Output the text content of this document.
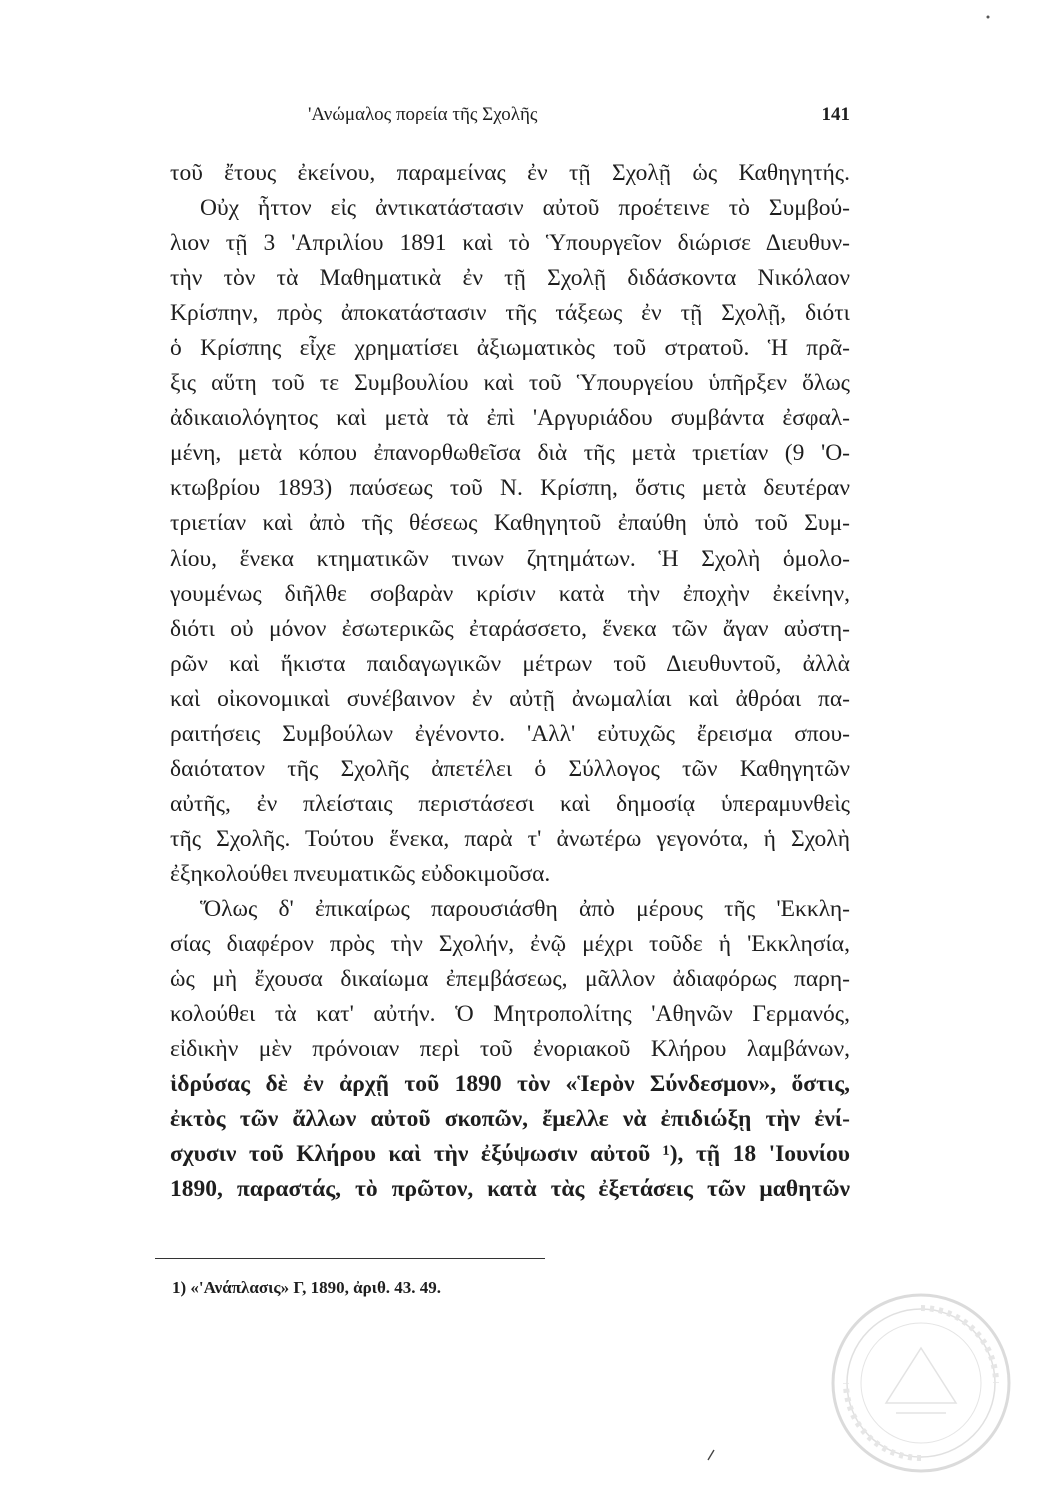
'Ανώμαλος πορεία τῆς Σχολῆς	141
τοῦ ἔτους ἐκείνου, παραμείνας ἐν τῇ Σχολῇ ὡς Καθηγητής.
Οὐχ ἧττον εἰς ἀντικατάστασιν αὐτοῦ προέτεινε τὸ Συμβού-
λιον τῇ 3 'Απριλίου 1891 καὶ τὸ Ὑπουργεῖον διώρισε Διευθυν-
τὴν τὸν τὰ Μαθηματικὰ ἐν τῇ Σχολῇ διδάσκοντα Νικόλαον
Κρίσπην, πρὸς ἀποκατάστασιν τῆς τάξεως ἐν τῇ Σχολῇ, διότι
ὁ Κρίσπης εἶχε χρηματίσει ἀξιωματικὸς τοῦ στρατοῦ. Ἡ πρᾶ-
ξις αὕτη τοῦ τε Συμβουλίου καὶ τοῦ Ὑπουργείου ὑπῆρξεν ὅλως
ἀδικαιολόγητος καὶ μετὰ τὰ ἐπὶ 'Αργυριάδου συμβάντα ἐσφαλ-
μένη, μετὰ κόπου ἐπανορθωθεῖσα διὰ τῆς μετὰ τριετίαν (9 'Ο-
κτωβρίου 1893) παύσεως τοῦ Ν. Κρίσπη, ὅστις μετὰ δευτέραν
τριετίαν καὶ ἀπὸ τῆς θέσεως Καθηγητοῦ ἐπαύθη ὑπὸ τοῦ Συμ-
λίου, ἕνεκα κτηματικῶν τινων ζητημάτων. Ἡ Σχολὴ ὁμολο-
γουμένως διῆλθε σοβαρὰν κρίσιν κατὰ τὴν ἐποχὴν ἐκείνην,
διότι οὐ μόνον ἐσωτερικῶς ἐταράσσετο, ἕνεκα τῶν ἄγαν αὐστη-
ρῶν καὶ ἥκιστα παιδαγωγικῶν μέτρων τοῦ Διευθυντοῦ, ἀλλὰ
καὶ οἰκονομικαὶ συνέβαινον ἐν αὐτῇ ἀνωμαλίαι καὶ ἀθρόαι πα-
ραιτήσεις Συμβούλων ἐγένοντο. 'Αλλ' εὐτυχῶς ἔρεισμα σπου-
δαιότατον τῆς Σχολῆς ἀπετέλει ὁ Σύλλογος τῶν Καθηγητῶν
αὐτῆς, ἐν πλείσταις περιστάσεσι καὶ δημοσίᾳ ὑπεραμυνθεὶς
τῆς Σχολῆς. Τούτου ἕνεκα, παρὰ τ' ἀνωτέρω γεγονότα, ἡ Σχολὴ
ἐξηκολούθει πνευματικῶς εὐδοκιμοῦσα.
Ὅλως δ' ἐπικαίρως παρουσιάσθη ἀπὸ μέρους τῆς 'Εκκλη-
σίας διαφέρον πρὸς τὴν Σχολήν, ἐνῷ μέχρι τοῦδε ἡ 'Εκκλησία,
ὡς μὴ ἔχουσα δικαίωμα ἐπεμβάσεως, μᾶλλον ἀδιαφόρως παρη-
κολούθει τὰ κατ' αὐτήν. Ὁ Μητροπολίτης 'Αθηνῶν Γερμανός,
εἰδικὴν μὲν πρόνοιαν περὶ τοῦ ἐνοριακοῦ Κλήρου λαμβάνων,
ἱδρύσας δὲ ἐν ἀρχῇ τοῦ 1890 τὸν «Ἱερὸν Σύνδεσμον», ὅστις,
ἐκτὸς τῶν ἄλλων αὐτοῦ σκοπῶν, ἔμελλε νὰ ἐπιδιώξῃ τὴν ἐνί-
σχυσιν τοῦ Κλήρου καὶ τὴν ἐξύψωσιν αὐτοῦ ¹), τῇ 18 'Ιουνίου
1890, παραστάς, τὸ πρῶτον, κατὰ τὰς ἐξετάσεις τῶν μαθητῶν
1) «'Ανάπλασις» Γ, 1890, ἀριθ. 43. 49.
